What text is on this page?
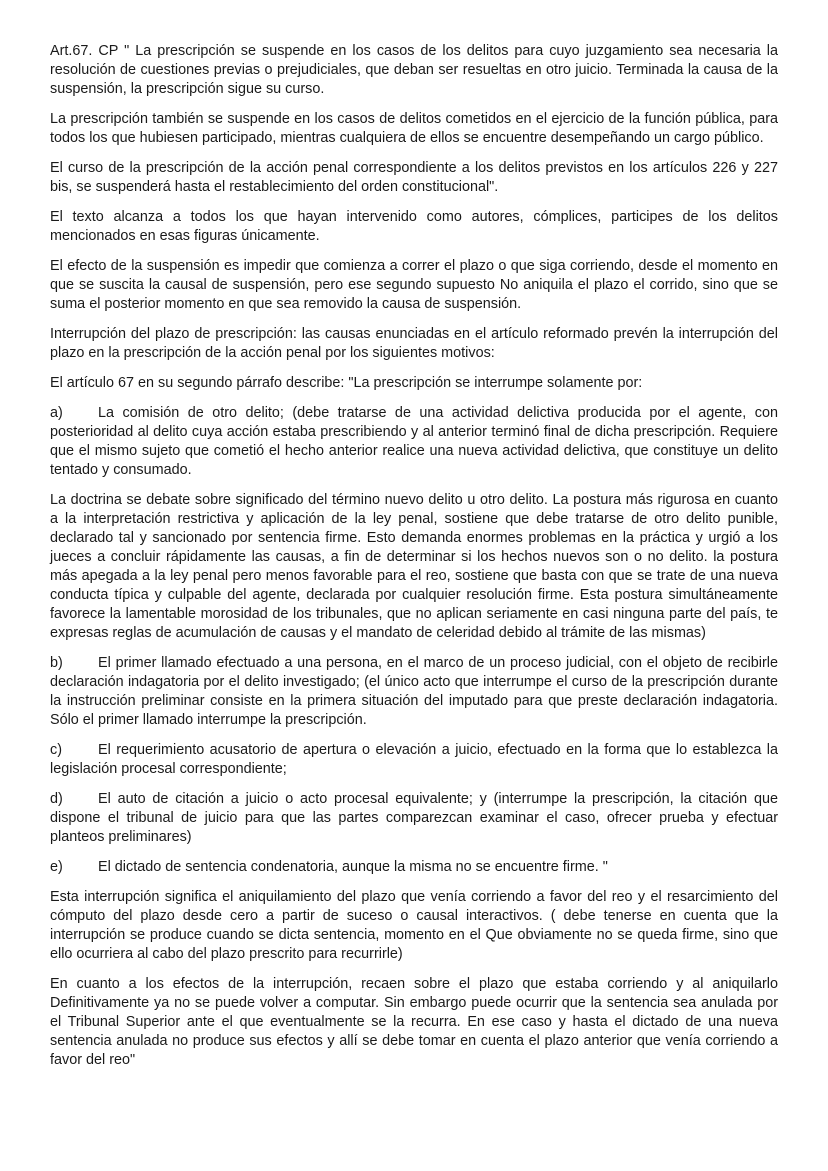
Art.67. CP " La prescripción se suspende en los casos de los delitos para cuyo juzgamiento sea necesaria la resolución de cuestiones previas o prejudiciales, que deban ser resueltas en otro juicio. Terminada la causa de la suspensión, la prescripción sigue su curso.

La prescripción también se suspende en los casos de delitos cometidos en el ejercicio de la función pública, para todos los que hubiesen participado, mientras cualquiera de ellos se encuentre desempeñando un cargo público.

El curso de la prescripción de la acción penal correspondiente a los delitos previstos en los artículos 226 y 227 bis, se suspenderá hasta el restablecimiento del orden constitucional".

El texto alcanza a todos los que hayan intervenido como autores, cómplices, participes de los delitos mencionados en esas figuras únicamente.

El efecto de la suspensión es impedir que comienza a correr el plazo o que siga corriendo, desde el momento en que se suscita la causal de suspensión, pero ese segundo supuesto No aniquila el plazo el corrido, sino que se suma el posterior momento en que sea removido la causa de suspensión.

Interrupción del plazo de prescripción: las causas enunciadas en el artículo reformado prevén la interrupción del plazo en la prescripción de la acción penal por los siguientes motivos:

El artículo 67 en su segundo párrafo describe: "La prescripción se interrumpe solamente por:

a) La comisión de otro delito; (debe tratarse de una actividad delictiva producida por el agente, con posterioridad al delito cuya acción estaba prescribiendo y al anterior terminó final de dicha prescripción. Requiere que el mismo sujeto que cometió el hecho anterior realice una nueva actividad delictiva, que constituye un delito tentado y consumado.

La doctrina se debate sobre significado del término nuevo delito u otro delito. La postura más rigurosa en cuanto a la interpretación restrictiva y aplicación de la ley penal, sostiene que debe tratarse de otro delito punible, declarado tal y sancionado por sentencia firme. Esto demanda enormes problemas en la práctica y urgió a los jueces a concluir rápidamente las causas, a fin de determinar si los hechos nuevos son o no delito. la postura más apegada a la ley penal pero menos favorable para el reo, sostiene que basta con que se trate de una nueva conducta típica y culpable del agente, declarada por cualquier resolución firme. Esta postura simultáneamente favorece la lamentable morosidad de los tribunales, que no aplican seriamente en casi ninguna parte del país, te expresas reglas de acumulación de causas y el mandato de celeridad debido al trámite de las mismas)

b) El primer llamado efectuado a una persona, en el marco de un proceso judicial, con el objeto de recibirle declaración indagatoria por el delito investigado; (el único acto que interrumpe el curso de la prescripción durante la instrucción preliminar consiste en la primera situación del imputado para que preste declaración indagatoria. Sólo el primer llamado interrumpe la prescripción.

c)	El requerimiento acusatorio de apertura o elevación a juicio, efectuado en la forma que lo establezca la legislación procesal correspondiente;

d) El auto de citación a juicio o acto procesal equivalente; y (interrumpe la prescripción, la citación que dispone el tribunal de juicio para que las partes comparezcan examinar el caso, ofrecer prueba y efectuar planteos preliminares)

e) El dictado de sentencia condenatoria, aunque la misma no se encuentre firme. "

Esta interrupción significa el aniquilamiento del plazo que venía corriendo a favor del reo y el resarcimiento del cómputo del plazo desde cero a partir de suceso o causal interactivos. ( debe tenerse en cuenta que la interrupción se produce cuando se dicta sentencia, momento en el Que obviamente no se queda firme, sino que ello ocurriera al cabo del plazo prescrito para recurrirle)

En cuanto a los efectos de la interrupción, recaen sobre el plazo que estaba corriendo y al aniquilarlo Definitivamente ya no se puede volver a computar. Sin embargo puede ocurrir que la sentencia sea anulada por el Tribunal Superior ante el que eventualmente se la recurra. En ese caso y hasta el dictado de una nueva sentencia anulada no produce sus efectos y allí se debe tomar en cuenta el plazo anterior que venía corriendo a favor del reo"
